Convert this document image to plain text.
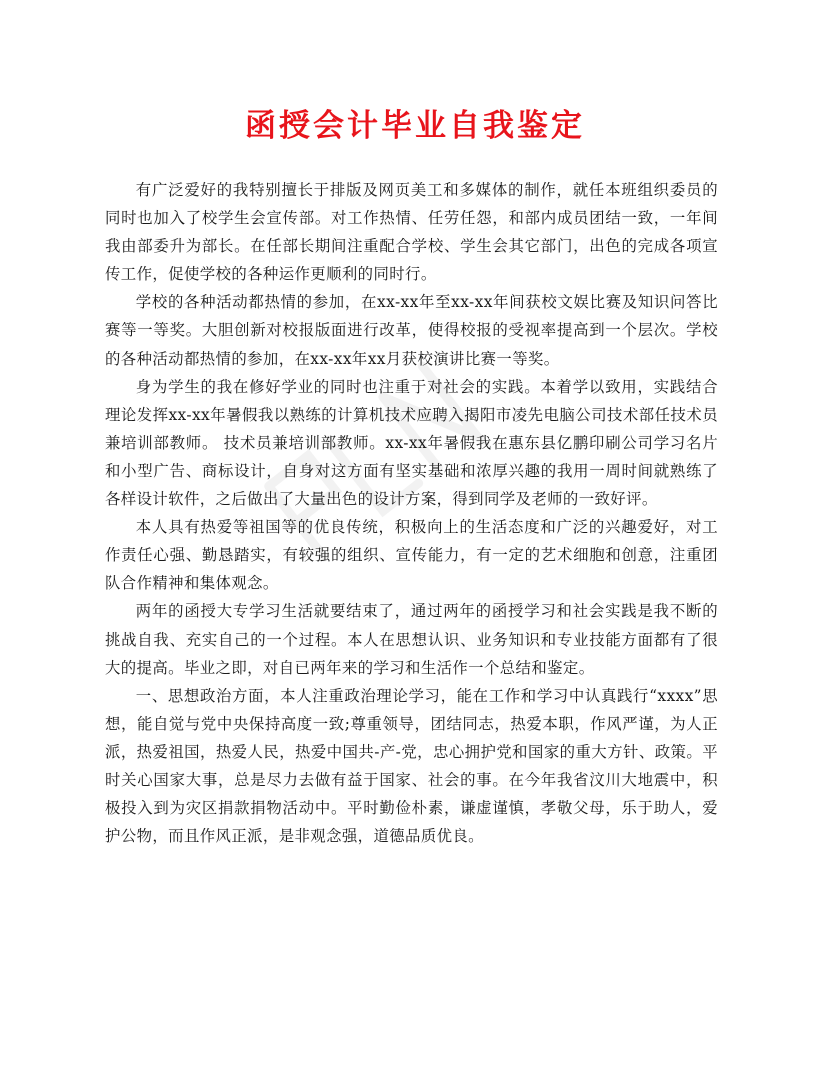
函授会计毕业自我鉴定

有广泛爱好的我特别擅长于排版及网页美工和多媒体的制作，就任本班组织委员的同时也加入了校学生会宣传部。对工作热情、任劳任怨，和部内成员团结一致，一年间我由部委升为部长。在任部长期间注重配合学校、学生会其它部门，出色的完成各项宣传工作，促使学校的各种运作更顺利的同时行。

学校的各种活动都热情的参加，在xx-xx年至xx-xx年间获校文娱比赛及知识问答比赛等一等奖。大胆创新对校报版面进行改革，使得校报的受视率提高到一个层次。学校的各种活动都热情的参加，在xx-xx年xx月获校演讲比赛一等奖。

身为学生的我在修好学业的同时也注重于对社会的实践。本着学以致用，实践结合理论发挥xx-xx年暑假我以熟练的计算机技术应聘入揭阳市凌先电脑公司技术部任技术员兼培训部教师。 技术员兼培训部教师。xx-xx年暑假我在惠东县亿鹏印刷公司学习名片和小型广告、商标设计，自身对这方面有坚实基础和浓厚兴趣的我用一周时间就熟练了各样设计软件，之后做出了大量出色的设计方案，得到同学及老师的一致好评。

本人具有热爱等祖国等的优良传统，积极向上的生活态度和广泛的兴趣爱好，对工作责任心强、勤恳踏实，有较强的组织、宣传能力，有一定的艺术细胞和创意，注重团队合作精神和集体观念。

两年的函授大专学习生活就要结束了，通过两年的函授学习和社会实践是我不断的挑战自我、充实自己的一个过程。本人在思想认识、业务知识和专业技能方面都有了很大的提高。毕业之即，对自已两年来的学习和生活作一个总结和鉴定。

一、思想政治方面，本人注重政治理论学习，能在工作和学习中认真践行“xxxx”思想，能自觉与党中央保持高度一致;尊重领导，团结同志，热爱本职，作风严谨，为人正派，热爱祖国，热爱人民，热爱中国共-产-党，忠心拥护党和国家的重大方针、政策。平时关心国家大事，总是尽力去做有益于国家、社会的事。在今年我省汶川大地震中，积极投入到为灾区捐款捐物活动中。平时勤俭朴素，谦虚谨慎，孝敬父母，乐于助人，爱护公物，而且作风正派，是非观念强，道德品质优良。
